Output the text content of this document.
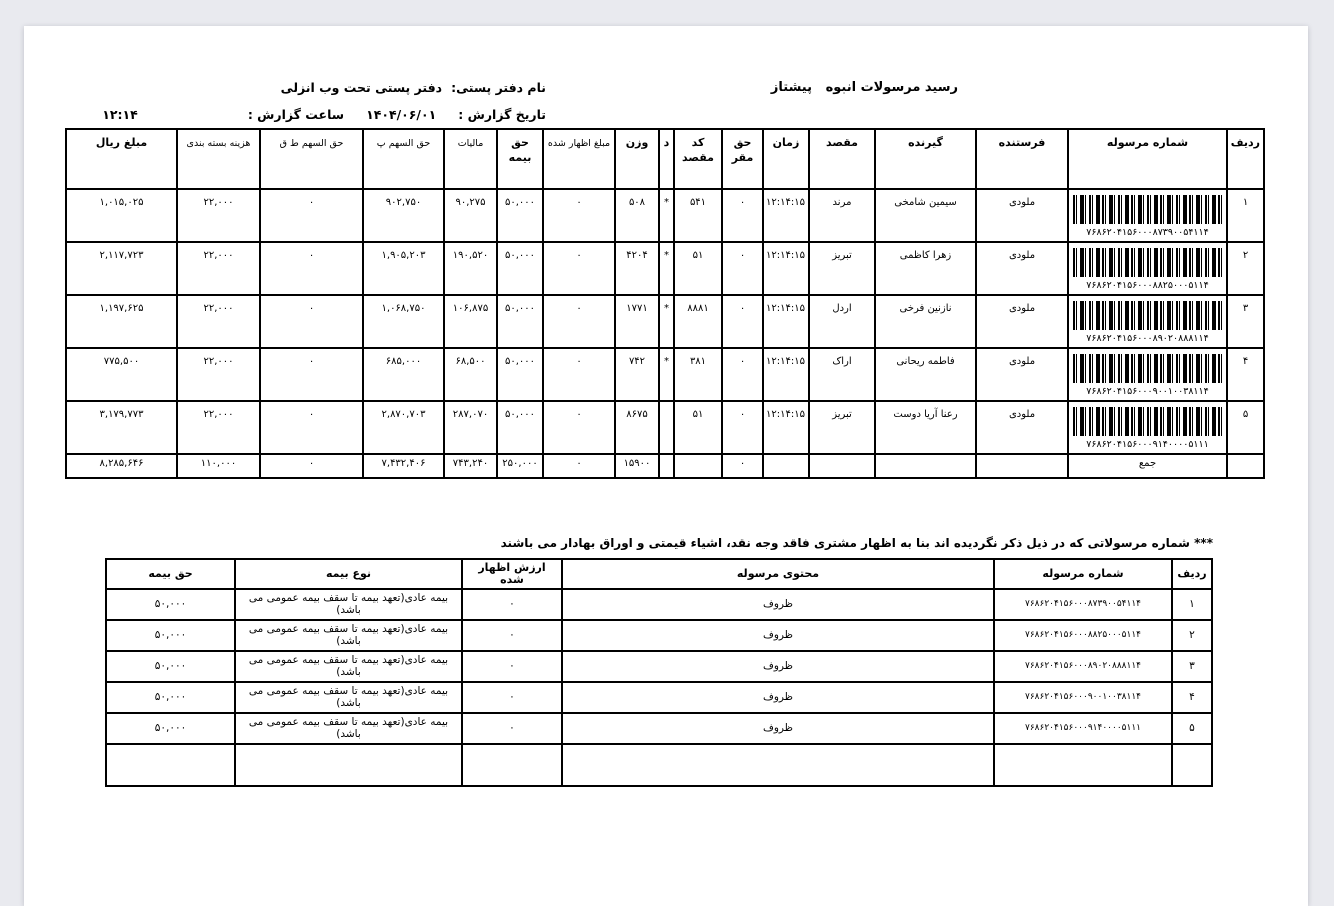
رسید مرسولات انبوه   پیشتاز
نام دفتر پستی:
دفتر پستی تحت وب انزلی
تاریخ گزارش :
۱۴۰۴/۰۶/۰۱
ساعت گزارش :
۱۲:۱۴
ردیف	شماره مرسوله	فرستنده	گیرنده	مقصد	زمان	حق مقر	کد مقصد	د	وزن	مبلغ اظهار شده	حق بیمه	مالیات	حق السهم پ	حق السهم ط ق	هزینه بسته بندی	مبلغ ریال
۱	۷۶۸۶۲۰۴۱۵۶۰۰۰۸۷۳۹۰۰۵۴۱۱۴	ملودی	سیمین شامخی	مرند	۱۲:۱۴:۱۵	۰	۵۴۱	*	۵۰۸	۰	۵۰,۰۰۰	۹۰,۲۷۵	۹۰۲,۷۵۰	۰	۲۲,۰۰۰	۱,۰۱۵,۰۲۵
۲	۷۶۸۶۲۰۴۱۵۶۰۰۰۸۸۲۵۰۰۰۵۱۱۴	ملودی	زهرا کاظمی	تبریز	۱۲:۱۴:۱۵	۰	۵۱	*	۴۲۰۴	۰	۵۰,۰۰۰	۱۹۰,۵۲۰	۱,۹۰۵,۲۰۳	۰	۲۲,۰۰۰	۲,۱۱۷,۷۲۳
۳	۷۶۸۶۲۰۴۱۵۶۰۰۰۸۹۰۲۰۸۸۸۱۱۴	ملودی	نازنین فرخی	اردل	۱۲:۱۴:۱۵	۰	۸۸۸۱	*	۱۷۷۱	۰	۵۰,۰۰۰	۱۰۶,۸۷۵	۱,۰۶۸,۷۵۰	۰	۲۲,۰۰۰	۱,۱۹۷,۶۲۵
۴	۷۶۸۶۲۰۴۱۵۶۰۰۰۹۰۰۱۰۰۳۸۱۱۴	ملودی	فاطمه ریحانی	اراک	۱۲:۱۴:۱۵	۰	۳۸۱	*	۷۴۲	۰	۵۰,۰۰۰	۶۸,۵۰۰	۶۸۵,۰۰۰	۰	۲۲,۰۰۰	۷۷۵,۵۰۰
۵	۷۶۸۶۲۰۴۱۵۶۰۰۰۹۱۴۰۰۰۰۵۱۱۱	ملودی	رعنا آریا دوست	تبریز	۱۲:۱۴:۱۵	۰	۵۱		۸۶۷۵	۰	۵۰,۰۰۰	۲۸۷,۰۷۰	۲,۸۷۰,۷۰۳	۰	۲۲,۰۰۰	۳,۱۷۹,۷۷۳
	جمع					۰			۱۵۹۰۰	۰	۲۵۰,۰۰۰	۷۴۳,۲۴۰	۷,۴۳۲,۴۰۶	۰	۱۱۰,۰۰۰	۸,۲۸۵,۶۴۶
*** شماره مرسولاتی که در ذیل ذکر نگردیده اند بنا به اظهار مشتری فاقد وجه نقد، اشیاء قیمتی و اوراق بهادار می باشند
ردیف	شماره مرسوله	محتوی مرسوله	ارزش اظهار شده	نوع بیمه	حق بیمه
۱	۷۶۸۶۲۰۴۱۵۶۰۰۰۸۷۳۹۰۰۵۴۱۱۴	ظروف	۰	بیمه عادی(تعهد بیمه تا سقف بیمه عمومی می باشد)	۵۰,۰۰۰
۲	۷۶۸۶۲۰۴۱۵۶۰۰۰۸۸۲۵۰۰۰۵۱۱۴	ظروف	۰	بیمه عادی(تعهد بیمه تا سقف بیمه عمومی می باشد)	۵۰,۰۰۰
۳	۷۶۸۶۲۰۴۱۵۶۰۰۰۸۹۰۲۰۸۸۸۱۱۴	ظروف	۰	بیمه عادی(تعهد بیمه تا سقف بیمه عمومی می باشد)	۵۰,۰۰۰
۴	۷۶۸۶۲۰۴۱۵۶۰۰۰۹۰۰۱۰۰۳۸۱۱۴	ظروف	۰	بیمه عادی(تعهد بیمه تا سقف بیمه عمومی می باشد)	۵۰,۰۰۰
۵	۷۶۸۶۲۰۴۱۵۶۰۰۰۹۱۴۰۰۰۰۵۱۱۱	ظروف	۰	بیمه عادی(تعهد بیمه تا سقف بیمه عمومی می باشد)	۵۰,۰۰۰
